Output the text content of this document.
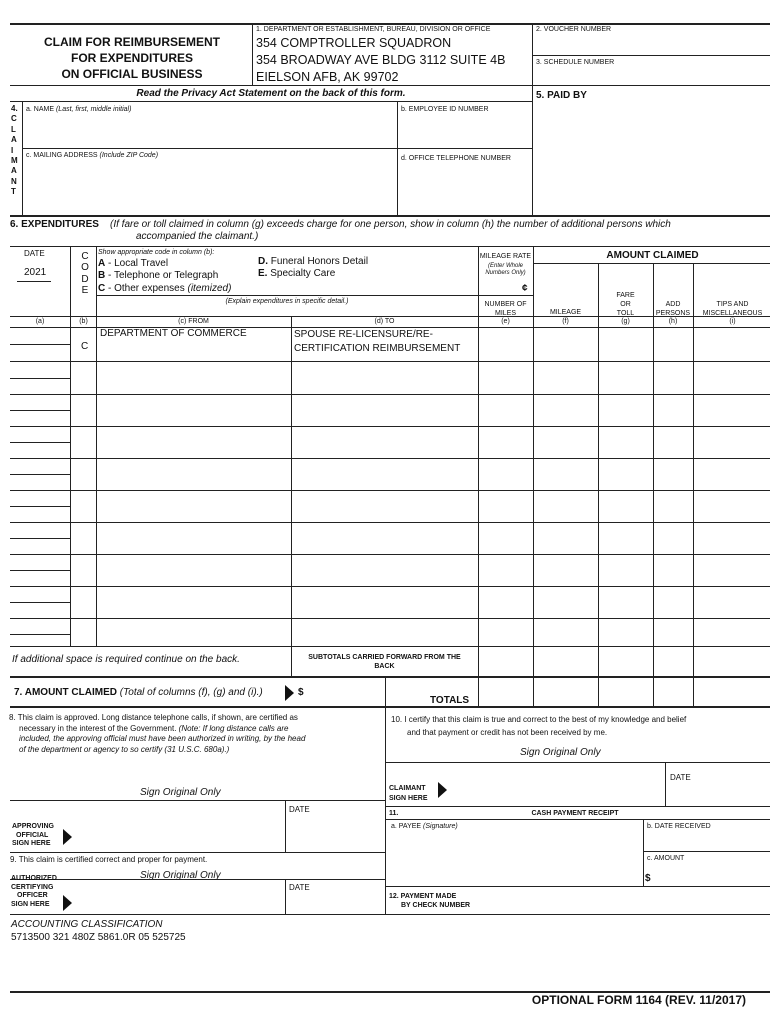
CLAIM FOR REIMBURSEMENT
FOR EXPENDITURES
ON OFFICIAL BUSINESS
1. DEPARTMENT OR ESTABLISHMENT, BUREAU, DIVISION OR OFFICE
354 COMPTROLLER SQUADRON
354 BROADWAY AVE BLDG 3112 SUITE 4B
EIELSON AFB, AK 99702
2. VOUCHER NUMBER
3. SCHEDULE NUMBER
Read the Privacy Act Statement on the back of this form.	5. PAID BY
4.
C
L
A
I
M
A
N
T
a. NAME (Last, first, middle initial)	b. EMPLOYEE ID NUMBER
c. MAILING ADDRESS (Include ZIP Code)	d. OFFICE TELEPHONE NUMBER
6. EXPENDITURES (If fare or toll claimed in column (g) exceeds charge for one person, show in column (h) the number of additional persons which
accompanied the claimant.)
DATE
2021
C
O
D
E
Show appropriate code in column (b):
A - Local Travel
B - Telephone or Telegraph
C - Other expenses (itemized)
D. Funeral Honors Detail
E. Specialty Care
(Explain expenditures in specific detail.)
MILEAGE RATE
(Enter Whole Numbers Only)
¢
NUMBER OF
MILES
AMOUNT CLAIMED
MILEAGE
FARE
OR
TOLL
ADD
PERSONS
TIPS AND
MISCELLANEOUS
(a)	(b)	(c) FROM	(d) TO	(e)	(f)	(g)	(h)	(i)
C
DEPARTMENT OF COMMERCE	SPOUSE RE-LICENSURE/RE-
CERTIFICATION REIMBURSEMENT
If additional space is required continue on the back.	SUBTOTALS CARRIED FORWARD FROM THE
BACK
7. AMOUNT CLAIMED (Total of columns (f), (g) and (i).)	$
TOTALS
8. This claim is approved. Long distance telephone calls, if shown, are certified as
necessary in the interest of the Government. (Note: If long distance calls are
included, the approving official must have been authorized in writing, by the head
of the department or agency to so certify (31 U.S.C. 680a).)
Sign Original Only
DATE
APPROVING
OFFICIAL
SIGN HERE
9. This claim is certified correct and proper for payment.
Sign Original Only
DATE
AUTHORIZED
CERTIFYING
OFFICER
SIGN HERE
10. I certify that this claim is true and correct to the best of my knowledge and belief
and that payment or credit has not been received by me.
Sign Original Only
DATE
CLAIMANT
SIGN HERE
11.	CASH PAYMENT RECEIPT
a. PAYEE (Signature)	b. DATE RECEIVED
c. AMOUNT
$
12. PAYMENT MADE
BY CHECK NUMBER
ACCOUNTING CLASSIFICATION
5713500 321 480Z 5861.0R 05 525725
OPTIONAL FORM 1164 (REV. 11/2017)
